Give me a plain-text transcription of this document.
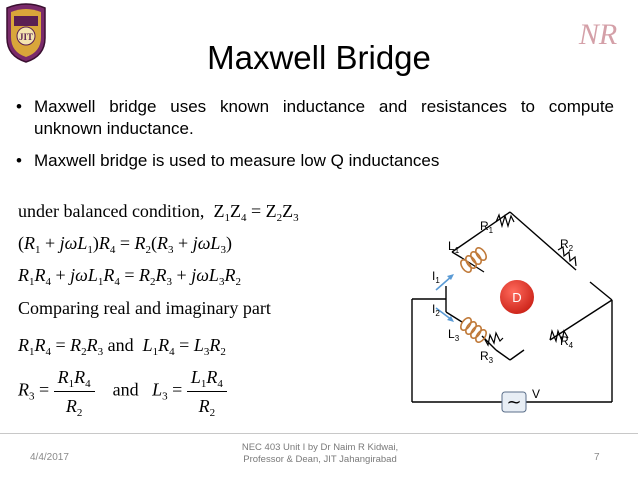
JIT	NR
Maxwell Bridge
• Maxwell bridge uses known inductance and resistances to compute unknown inductance.
• Maxwell bridge is used to measure low Q inductances
under balanced condition,  $Z_1Z_4 = Z_2Z_3$
$(R_1 + j\omega L_1)R_4 = R_2(R_3 + j\omega L_3)$
$R_1R_4 + j\omega L_1R_4 = R_2R_3 + j\omega L_3R_2$
Comparing real and imaginary part
$R_1R_4 = R_2R_3$ and $L_1R_4 = L_3R_2$
$R_3 = \frac{R_1R_4}{R_2}$ and $L_3 = \frac{L_1R_4}{R_2}$
D
~
$R_1$
$R_2$
$R_3$
$R_4$
$L_1$
$L_3$
$I_1$
$I_2$
V
4/4/2017
NEC 403 Unit I by Dr Naim R Kidwai,
Professor & Dean, JIT Jahangirabad	7
